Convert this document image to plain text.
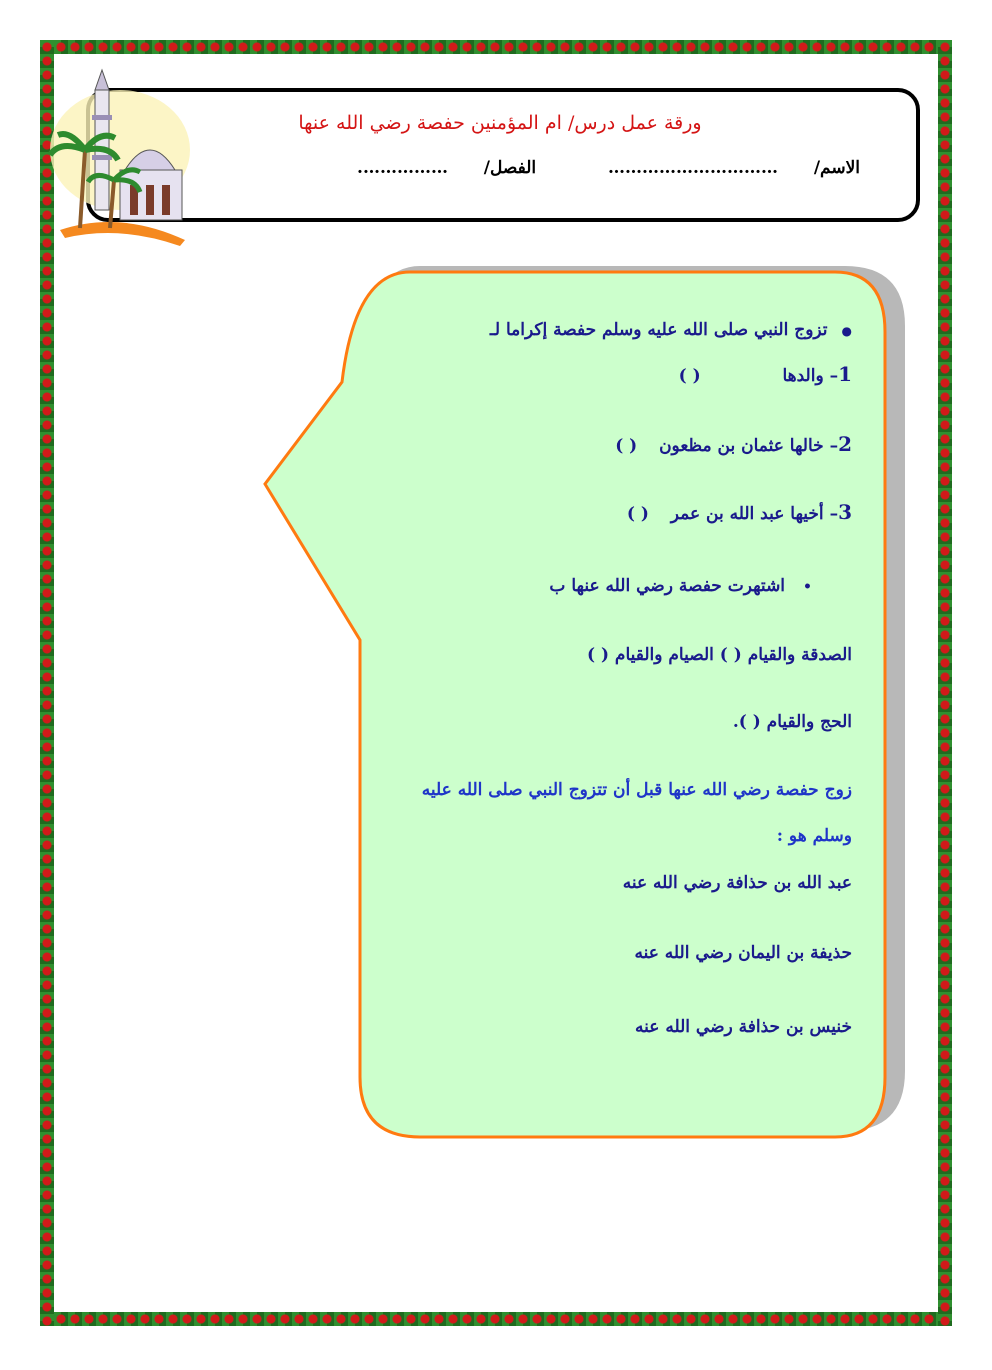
ورقة عمل درس/ ام المؤمنين حفصة رضي الله عنها
الاسم/  …………………………  الفصل/  …………….
● تزوج النبي صلى الله عليه وسلم حفصة إكراما لـ
1– والدها  ( )
2– خالها عثمان بن مظعون  ( )
3– أخيها عبد الله بن عمر  ( )
• اشتهرت حفصة رضي الله عنها ب
الصدقة والقيام ( ) الصيام والقيام ( )
الحج والقيام ( ).
زوج حفصة رضي الله عنها قبل أن تتزوج النبي صلى الله عليه
وسلم هو :
عبد الله بن حذافة رضي الله عنه
حذيفة بن اليمان رضي الله عنه
خنيس بن حذافة رضي الله عنه
